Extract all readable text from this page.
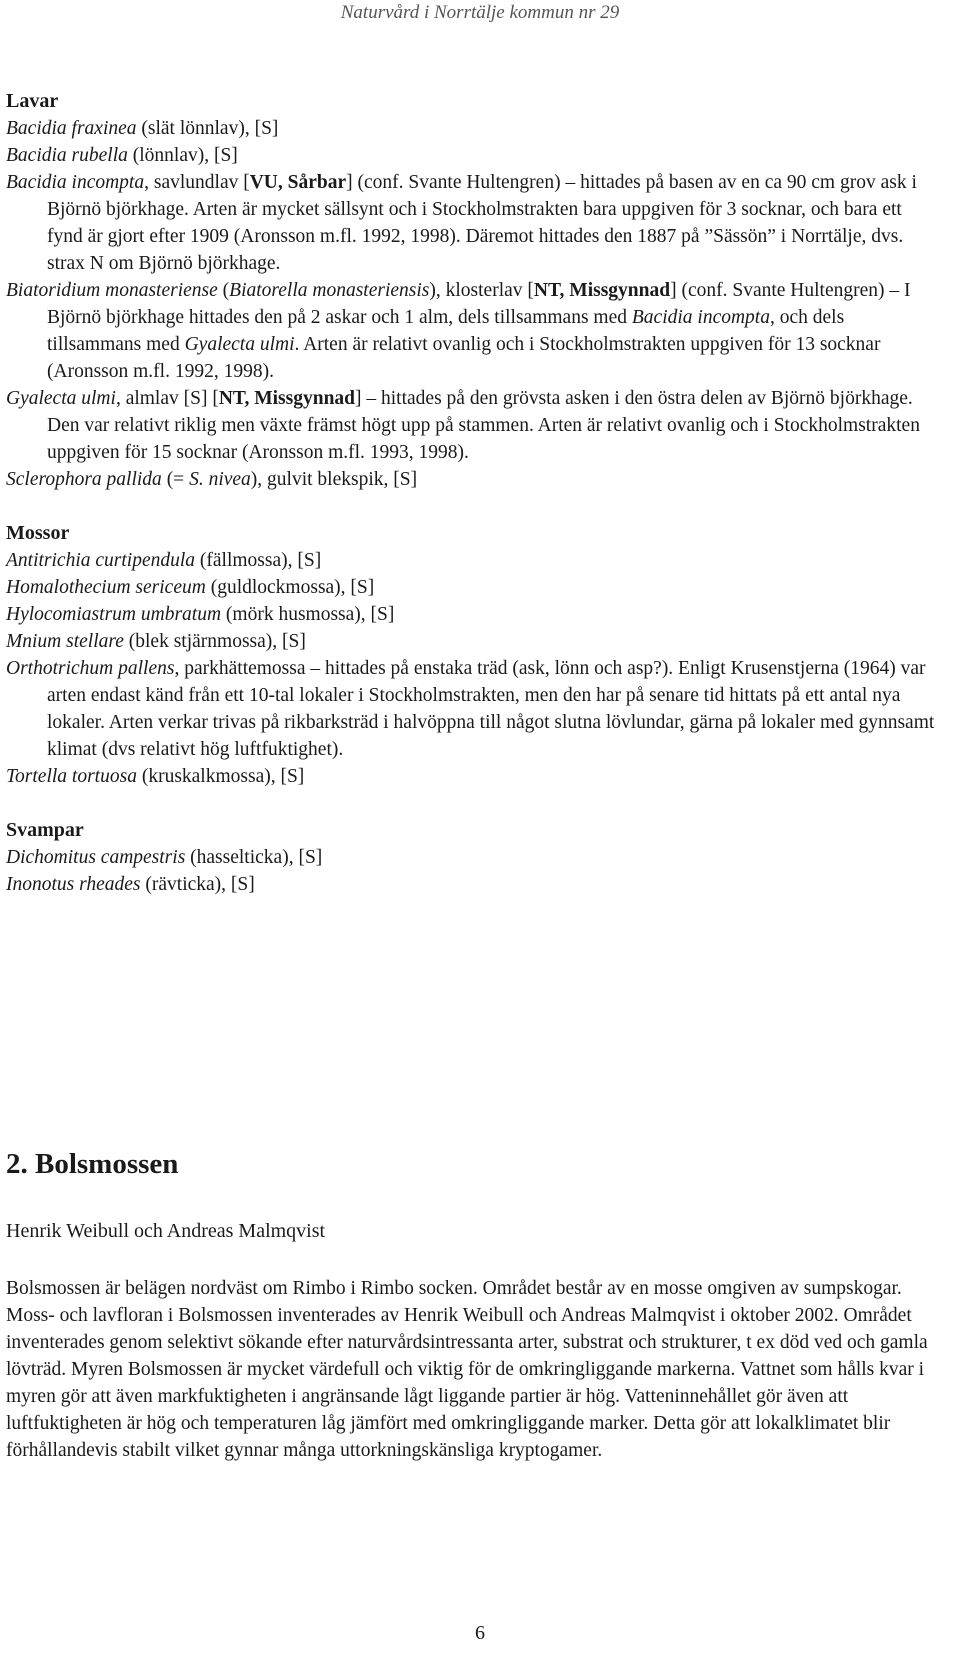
Naturvård i Norrtälje kommun nr 29
Lavar
Bacidia fraxinea (slät lönnlav), [S]
Bacidia rubella (lönnlav), [S]
Bacidia incompta, savlundlav [VU, Sårbar] (conf. Svante Hultengren) – hittades på basen av en ca 90 cm grov ask i Björnö björkhage. Arten är mycket sällsynt och i Stockholmstrakten bara uppgiven för 3 socknar, och bara ett fynd är gjort efter 1909 (Aronsson m.fl. 1992, 1998). Däremot hittades den 1887 på ”Sässön” i Norrtälje, dvs. strax N om Björnö björkhage.
Biatoridium monasteriense (Biatorella monasteriensis), klosterlav [NT, Missgynnad] (conf. Svante Hultengren) – I Björnö björkhage hittades den på 2 askar och 1 alm, dels tillsammans med Bacidia incompta, och dels tillsammans med Gyalecta ulmi. Arten är relativt ovanlig och i Stockholmstrakten uppgiven för 13 socknar (Aronsson m.fl. 1992, 1998).
Gyalecta ulmi, almlav [S] [NT, Missgynnad] – hittades på den grövsta asken i den östra delen av Björnö björkhage. Den var relativt riklig men växte främst högt upp på stammen. Arten är relativt ovanlig och i Stockholmstrakten uppgiven för 15 socknar (Aronsson m.fl. 1993, 1998).
Sclerophora pallida (= S. nivea), gulvit blekspik, [S]
Mossor
Antitrichia curtipendula (fällmossa), [S]
Homalothecium sericeum (guldlockmossa), [S]
Hylocomiastrum umbratum (mörk husmossa), [S]
Mnium stellare (blek stjärnmossa), [S]
Orthotrichum pallens, parkhättemossa – hittades på enstaka träd (ask, lönn och asp?). Enligt Krusenstjerna (1964) var arten endast känd från ett 10-tal lokaler i Stockholmstrakten, men den har på senare tid hittats på ett antal nya lokaler. Arten verkar trivas på rikbarksträd i halvöppna till något slutna lövlundar, gärna på lokaler med gynnsamt klimat (dvs relativt hög luftfuktighet).
Tortella tortuosa (kruskalkmossa), [S]
Svampar
Dichomitus campestris (hasselticka), [S]
Inonotus rheades (rävticka), [S]
2. Bolsmossen
Henrik Weibull och Andreas Malmqvist
Bolsmossen är belägen nordväst om Rimbo i Rimbo socken. Området består av en mosse omgiven av sumpskogar. Moss- och lavfloran i Bolsmossen inventerades av Henrik Weibull och Andreas Malmqvist i oktober 2002. Området inventerades genom selektivt sökande efter naturvårdsintressanta arter, substrat och strukturer, t ex död ved och gamla lövträd. Myren Bolsmossen är mycket värdefull och viktig för de omkringliggande markerna. Vattnet som hålls kvar i myren gör att även markfuktigheten i angränsande lågt liggande partier är hög. Vatteninnehållet gör även att luftfuktigheten är hög och temperaturen låg jämfört med omkringliggande marker. Detta gör att lokalklimatet blir förhållandevis stabilt vilket gynnar många uttorkningskänsliga kryptogamer.
6
